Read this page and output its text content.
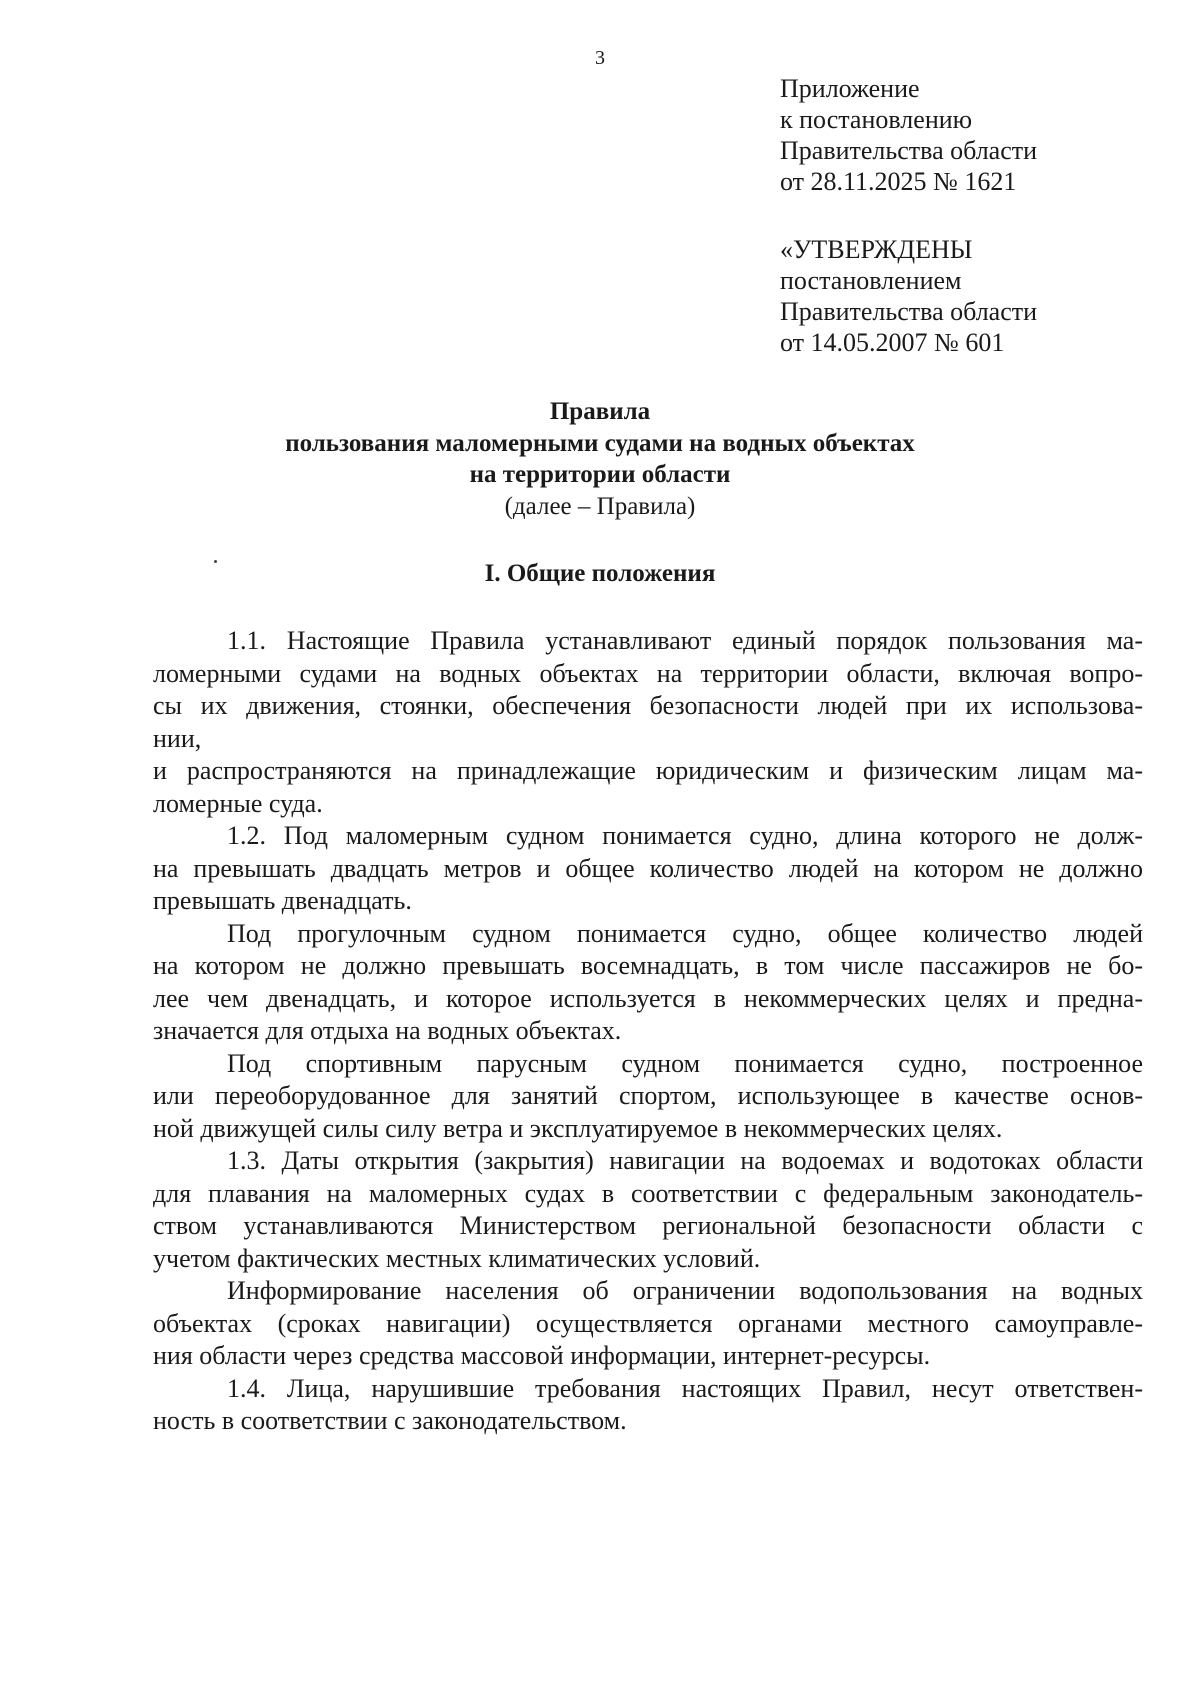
3
Приложение
к постановлению
Правительства области
от 28.11.2025 № 1621
«УТВЕРЖДЕНЫ
постановлением
Правительства области
от 14.05.2007 № 601
Правила
пользования маломерными судами на водных объектах
на территории области
(далее – Правила)
I. Общие положения
1.1. Настоящие Правила устанавливают единый порядок пользования ма-
ломерными судами на водных объектах на территории области, включая вопро-
сы их движения, стоянки, обеспечения безопасности людей при их использова-
нии,
и распространяются на принадлежащие юридическим и физическим лицам ма-
ломерные суда.
1.2. Под маломерным судном понимается судно, длина которого не долж-
на превышать двадцать метров и общее количество людей на котором не должно
превышать двенадцать.
Под прогулочным судном понимается судно, общее количество людей
на котором не должно превышать восемнадцать, в том числе пассажиров не бо-
лее чем двенадцать, и которое используется в некоммерческих целях и предна-
значается для отдыха на водных объектах.
Под спортивным парусным судном понимается судно, построенное
или переоборудованное для занятий спортом, использующее в качестве основ-
ной движущей силы силу ветра и эксплуатируемое в некоммерческих целях.
1.3. Даты открытия (закрытия) навигации на водоемах и водотоках области
для плавания на маломерных судах в соответствии с федеральным законодатель-
ством устанавливаются Министерством региональной безопасности области с
учетом фактических местных климатических условий.
Информирование населения об ограничении водопользования на водных
объектах (сроках навигации) осуществляется органами местного самоуправле-
ния области через средства массовой информации, интернет-ресурсы.
1.4. Лица, нарушившие требования настоящих Правил, несут ответствен-
ность в соответствии с законодательством.
